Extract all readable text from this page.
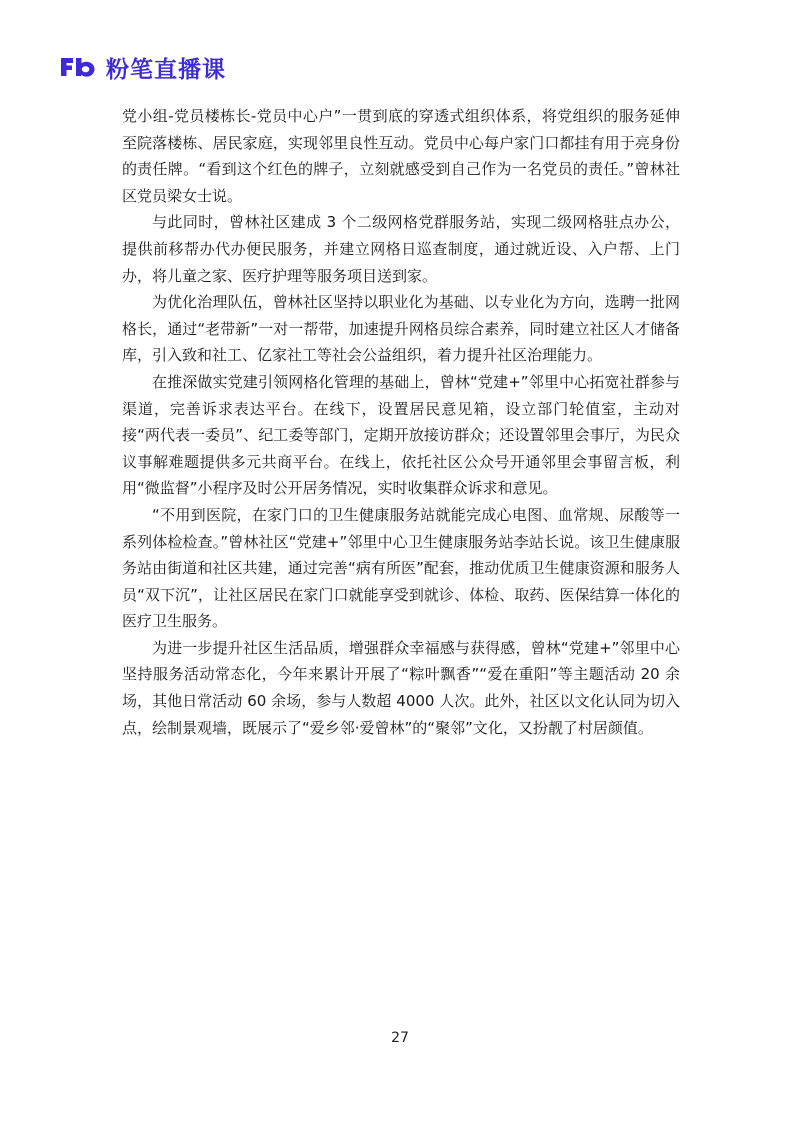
粉笔直播课

党小组-党员楼栋长-党员中心户”一贯到底的穿透式组织体系，将党组织的服务延伸至院落楼栋、居民家庭，实现邻里良性互动。党员中心每户家门口都挂有用于亮身份的责任牌。“看到这个红色的牌子，立刻就感受到自己作为一名党员的责任。”曾林社区党员梁女士说。

与此同时，曾林社区建成 3 个二级网格党群服务站，实现二级网格驻点办公，提供前移帮办代办便民服务，并建立网格日巡查制度，通过就近设、入户帮、上门办，将儿童之家、医疗护理等服务项目送到家。

为优化治理队伍，曾林社区坚持以职业化为基础、以专业化为方向，选聘一批网格长，通过“老带新”一对一帮带，加速提升网格员综合素养，同时建立社区人才储备库，引入致和社工、亿家社工等社会公益组织，着力提升社区治理能力。

在推深做实党建引领网格化管理的基础上，曾林“党建+”邻里中心拓宽社群参与渠道，完善诉求表达平台。在线下，设置居民意见箱，设立部门轮值室，主动对接“两代表一委员”、纪工委等部门，定期开放接访群众；还设置邻里会事厅，为民众议事解难题提供多元共商平台。在线上，依托社区公众号开通邻里会事留言板，利用“微监督”小程序及时公开居务情况，实时收集群众诉求和意见。

“不用到医院，在家门口的卫生健康服务站就能完成心电图、血常规、尿酸等一系列体检检查。”曾林社区“党建+”邻里中心卫生健康服务站李站长说。该卫生健康服务站由街道和社区共建，通过完善“病有所医”配套，推动优质卫生健康资源和服务人员“双下沉”，让社区居民在家门口就能享受到就诊、体检、取药、医保结算一体化的医疗卫生服务。

为进一步提升社区生活品质，增强群众幸福感与获得感，曾林“党建+”邻里中心坚持服务活动常态化，今年来累计开展了“粽叶飘香”“爱在重阳”等主题活动 20 余场，其他日常活动 60 余场，参与人数超 4000 人次。此外，社区以文化认同为切入点，绘制景观墙，既展示了“爱乡邻·爱曾林”的“聚邻”文化，又扮靓了村居颜值。

27
